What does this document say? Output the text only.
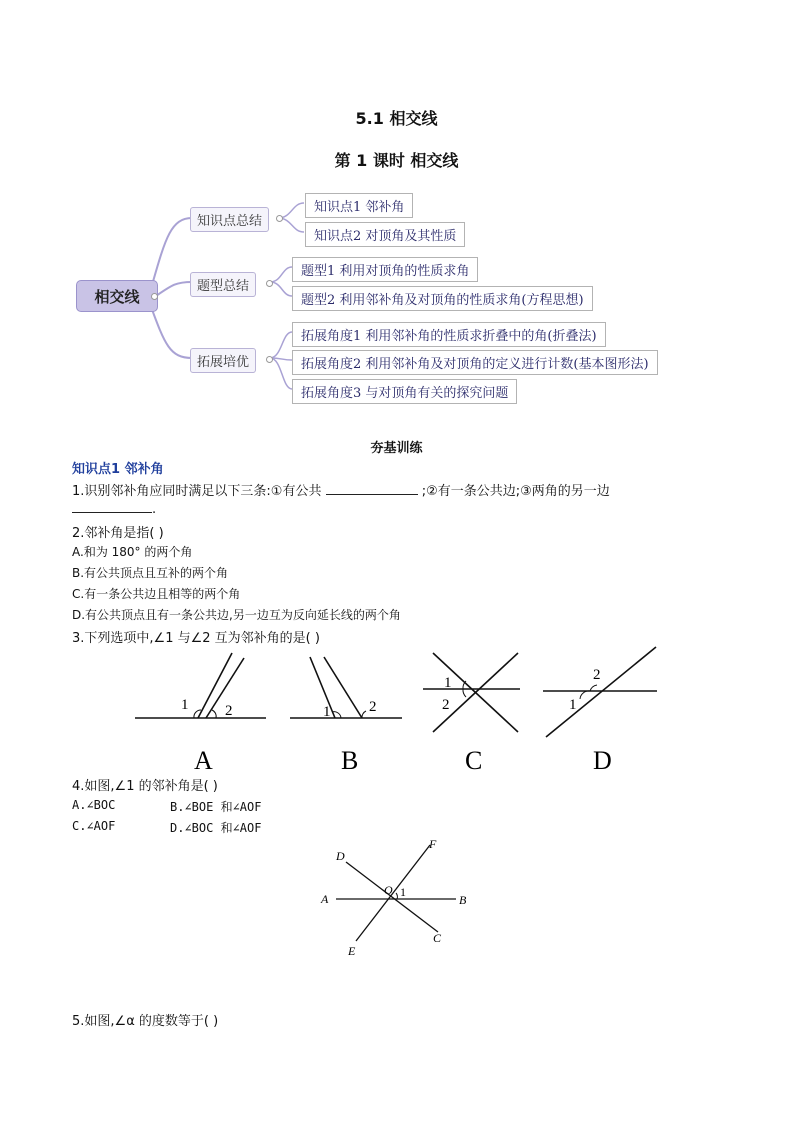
5.1 相交线
第 1 课时 相交线
相交线
知识点总结
题型总结
拓展培优
知识点1 邻补角
知识点2 对顶角及其性质
题型1 利用对顶角的性质求角
题型2 利用邻补角及对顶角的性质求角(方程思想)
拓展角度1 利用邻补角的性质求折叠中的角(折叠法)
拓展角度2 利用邻补角及对顶角的定义进行计数(基本图形法)
拓展角度3 与对顶角有关的探究问题
夯基训练
知识点1 邻补角
1.识别邻补角应同时满足以下三条:①有公共	;②有一条公共边;③两角的另一边
.
2.邻补角是指( )
A.和为 180° 的两个角
B.有公共顶点且互补的两个角
C.有一条公共边且相等的两个角
D.有公共顶点且有一条公共边,另一边互为反向延长线的两个角
3.下列选项中,∠1 与∠2 互为邻补角的是( )
1 2	1	2
1
2	1
2
A	B	C	D
4.如图,∠1 的邻补角是( )
A.∠BOC	B.∠BOE 和∠AOF
C.∠AOF	D.∠BOC 和∠AOF
D
F
A	B
O 1
C
E
5.如图,∠α 的度数等于( )
